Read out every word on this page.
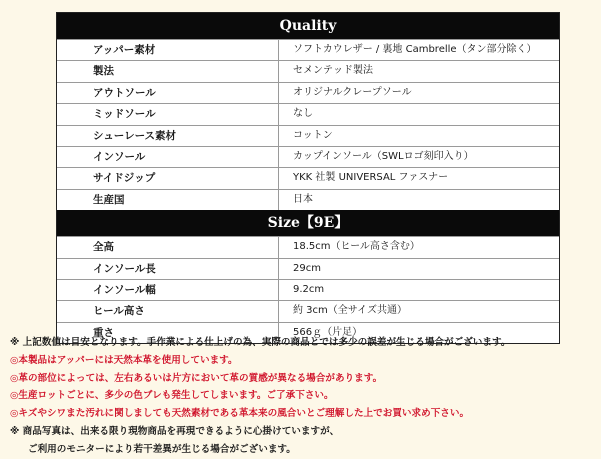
Quality
アッパー素材	ソフトカウレザー / 裏地 Cambrelle（タン部分除く）
製法	セメンテッド製法
アウトソール	オリジナルクレープソール
ミッドソール	なし
シューレース素材	コットン
インソール	カップインソール（SWLロゴ刻印入り）
サイドジップ	YKK 社製 UNIVERSAL ファスナー
生産国	日本
Size【9E】
全高	18.5cm（ヒール高さ含む）
インソール長	29cm
インソール幅	9.2cm
ヒール高さ	約 3cm（全サイズ共通）
重さ	566ｇ（片足）
※ 上記数値は目安となります。手作業による仕上げの為、実際の商品とでは多少の誤差が生じる場合がございます。
◎本製品はアッパーには天然本革を使用しています。
◎革の部位によっては、左右あるいは片方において革の質感が異なる場合があります。
◎生産ロットごとに、多少の色ブレも発生してしまいます。ご了承下さい。
◎キズやシワまた汚れに関しましても天然素材である革本来の風合いとご理解した上でお買い求め下さい。
※ 商品写真は、出来る限り現物商品を再現できるように心掛けていますが、
ご利用のモニターにより若干差異が生じる場合がございます。
